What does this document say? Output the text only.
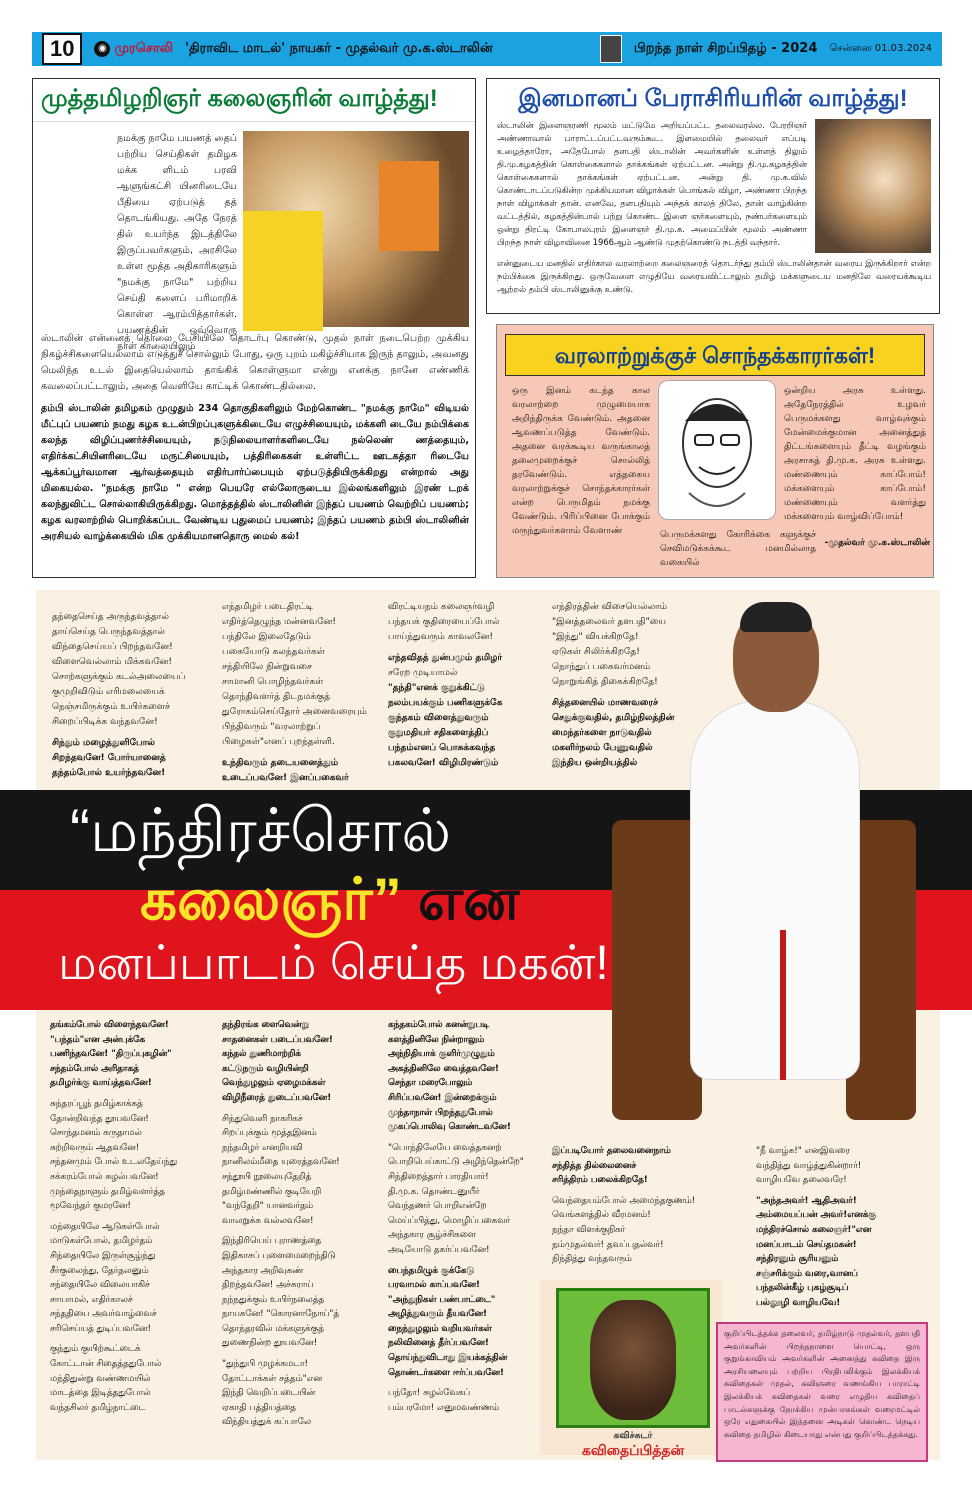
10	◉ முரசொலி 'திராவிட மாடல்' நாயகர் - முதல்வர் மு.க.ஸ்டாலின்	பிறந்த நாள் சிறப்பிதழ் - 2024 சென்னை 01.03.2024
முத்தமிழறிஞர் கலைஞரின் வாழ்த்து!
நமக்கு நாமே பயணத் தைப் பற்றிய செய்திகள் தமிழக மக்க ளிடம் பரவி ஆளுங்கட்சி யினரிடையே பீதியை ஏற்படுத் தத் தொடங்கியது. அதே நேரத் தில் உயர்ந்த இடத்திலே இருப்பவர்களும், அரசிலே உள்ள மூத்த அதிகாரிகளும் "நமக்கு நாமே" பற்றிய செய்தி களைப் பரிமாறிக் கொள்ள ஆரம்பித்தார்கள். பயணத்தின் ஒவ்வொரு நாள் காலையிலும்
ஸ்டாலின் என்னைத் தொலை பேசியிலே தொடர்பு கொண்டு, முதல் நாள் நடைபெற்ற முக்கிய நிகழ்ச்சிகளையெல்லாம் எடுத்துச் சொல்லும் போது, ஒரு புறம் மகிழ்ச்சியாக இருந் தாலும், அவனது மெலிந்த உடல் இதையெல்லாம் தாங்கிக் கொள்ளுமா என்று எனக்கு நானே எண்ணிக் கவலைப்பட்டாலும், அதை வெளியே காட்டிக் கொண்டதில்லை.
தம்பி ஸ்டாலின் தமிழகம் முழுதும் 234 தொகுதிகளிலும் மேற்கொண்ட "நமக்கு நாமே" விடியல் மீட்புப் பயணம் நமது கழக உடன்பிறப்புகளுக்கிடையே எழுச்சியையும், மக்களி டையே நம்பிக்கை கலந்த விழிப்புணர்ச்சியையும், நடுநிலையாளர்களிடையே நல்லெண் ணத்தையும், எதிர்க்கட்சியினரிடையே மருட்சியையும், பத்திரிகைகள் உள்ளிட்ட ஊடகத்தா ரிடையே ஆக்கப்பூர்வமான ஆர்வத்தையும் எதிர்பார்ப்பையும் ஏற்படுத்தியிருக்கிறது என்றால் அது மிகையல்ல. "நமக்கு நாமே " என்ற பெயரே எல்லோருடைய இல்லங்களிலும் இரண் டறக் கலந்துவிட்ட சொல்லாகியிருக்கிறது. மொத்தத்தில் ஸ்டாலினின் இந்தப் பயணம் வெற்றிப் பயணம்; கழக வரலாற்றில் பொறிக்கப்பட வேண்டிய புதுமைப் பயணம்; இந்தப் பயணம் தம்பி ஸ்டாலினின் அரசியல் வாழ்க்கையில் மிக முக்கியமானதொரு மைல் கல்!
இனமானப் பேராசிரியரின் வாழ்த்து!
ஸ்டாலின் இளைஞரணி மூலம் மட்டுமே அறியப்பட்ட தலைவரல்ல. பேரறிஞர் அண்ணாவால் பாராட்டப்பட்டவரும்கூட. இளமையில் தலைவர் எப்படி உழைத்தாரோ, அதேபோல் தளபதி ஸ்டாலின் அவர்களின் உள்ளத் திலும் தி.மு.கழகத்தின் கொள்கைகளால் தாக்கங்கள் ஏற்பட்டன. அன்று தி.மு.கழகத்தின் கொள்கைகளால் தாக்கங்கள் ஏற்பட்டன. அன்று தி. மு.க.வில் கொண்டாடப்படுகின்ற முக்கியமான விழாக்கள் பொங்கல் விழா, அண்ணா பிறந்த நாள் விழாக்கள் தான். எனவே, தளபதியும் அந்தக் காலத் திலே, தான் வாழ்கின்ற வட்டத்தில், கழகத்தின்பால் பற்று கொண்ட இளை ஞர்களையும், நண்பர்களையும் ஒன்று திரட்டி கோபாலபுரம் இளைஞர் தி.மு.க. அமைப்பின் மூலம் அண்ணா பிறந்த நாள் விழாவினை 1966ஆம் ஆண்டு முதற்கொண்டு நடத்தி வந்தார்.
என்னுடைய மனதில் எதிர்கால வரலாற்றை கலைஞரைத் தொடர்ந்து தம்பி ஸ்டாலின்தான் வரைய இருக்கிறார் என்ற நம்பிக்கை இருக்கிறது. ஒருவேளை எழுதியே வரையவிட்டாலும் தமிழ் மக்களுடைய மனதிலே வரையக்கூடிய ஆற்றல் தம்பி ஸ்டாலினுக்கு உண்டு.
வரலாற்றுக்குச் சொந்தக்காரர்கள்!
ஒரு இனம் கடந்த கால வரலாற்றை முழுமையாக அறிந்திருக்க வேண்டும். அதனை ஆவணப்படுத்த வேண்டும். அதனை வரக்கூடிய வருங்காலத் தலைமுறைக்குச் சொல்லித் தரவேண்டும். எத்தகைய வரலாற்றுக்குச் சொந்தக்காரர்கள் என்ற பெருமிதம் நமக்கு வேண்டும். பிரிப்பினை போக்கும் மருந்துவர்களாம் வேளாண்
ஒன்றிய அரசு உள்ளது. அதேநேரத்தில் உழவர் பெருமக்களது வாழ்வுக்கும் மேன்மைக்குமான அனைத்துத் திட்டங்களையும் தீட்டி வழங்கும் அரசாகத் தி.மு.க. அரசு உள்ளது. மண்ணையும் காப்போம்! மக்களையும் காப்போம்! மண்ணையும் வளர்த்து மக்களையும் வாழ்விப்போம்!
பெருமக்களது கோரிக்கை களுக்குச் செவிமடுக்கக்கூட மனமில்லாத வகையில்
-முதல்வர் மு.க.ஸ்டாலின்
தந்தைசெய்த அருந்தவத்தால்
தாய்செய்த பெருந்தவத்தால்
விந்தைசெய்யப் பிறந்தவனே!
விளைவெல்லாம் மிக்கவனே!
சொற்களுக்கும் கடல்அலையைப்
குமுறிவிடும் எரிமலையைக்
நெஞ்சமிருக்கும் உயிர்களைச்
சிறைப்பிடிக்க வந்தவனே!
சிந்தும் மழைத்துளிபோல்
சிறந்தவனே! போர்யானைத்
தந்தம்போல் உயர்ந்தவனே!
எந்தமிழர் படைதிரட்டி
எதிர்த்தெழுந்த மன்னவனே!
பந்திலே இலைதேடும்
பகையோடு கலந்தவர்கள்
சந்தியிலே நின்றுவசை
சாமானி பொழிந்தவர்கள்
தொந்திவளர்த் திடநமக்குத்
துரோகம்செய்தோர் அனைவரையும்
பிந்திவரும் "வரலாற்றுப்
பிழைகள்"எனப் புறந்தள்ளி.
உந்திவரும் தடையனைத்தும்
உடைப்பவனே! இனப்பகைவர்
விரட்டியநம் கலைஞர்வழி
பந்தயக் குதிரையைப்போல்
பாய்ந்துவரும் காவலனே!
எந்தவிதத் துன்பமும் தமிழர்
சரேற முடியாமல்
"தந்தி"எனக் குறுக்கிட்டு
நலம்பயக்கும் பணிகளுக்கே
குந்தகம் விளைத்துவரும்
குறுமதியர் சதிகளைத்திப்
பந்தம்எனப் பொசுக்கவந்த
பகலவனே! விழிமிரண்டும்
எந்திரத்தின் விசையெல்லாம்
"இனத்தலைவர் தளபதி"யை
"இந்து" வியக்கிறதே!
ஏடுகள் சிலிர்க்கிறதே!
நொந்துப் பகைவர்மனம்
நொறுங்கித் திகைக்கிறதே!
சித்தனையில் மாணவரைச்
செதுக்குவதில், தமிழ்நிலத்தின்
மைந்தர்களை நாடுவதில்
மகளிர்நலம் பேணுவதில்
இந்திய ஒன்றியத்தில்
“மந்திரச்சொல்
கலைஞர்” என
மனப்பாடம் செய்த மகன்!
தங்கம்போல் விளைந்தவனே!
"பந்தம்"என அன்புக்கே
பணிந்தவனே! "திருப்புகழின்"
சந்தம்போல் அரிதாகத்
தமிழர்க்கு வாய்த்தவனே!
சுந்தரப்பூந் தமிழ்காக்கத்
தோன்றிவந்த தூயவனே!
சொந்தமனம் கருதாமல்
சுற்றிவரும் ஆதவனே!
சந்தனமும் போல் உடலதேய்ந்து
சக்கரம்போல் சுழல்பவனே!
முந்தைநாளும் தமிழ்வளர்த்த
மூவேந்தர் குமரனே!
மந்தையிலே ஆடுகள்போல்
மாடுகள்போல், தமிழர்தம்
சிந்தையிலே இருள்சூழ்ந்து
சீர்குலைந்து, தேர்தலனும்
சந்தையிலே விலையாகிச்
சாயாமல், எதிர்காலச்
சந்ததியை அவர்வாழ்வைச்
சரிசெய்யத் துடிப்பவனே!
குந்தும் குயிற்கூட்டைக்
கோட்டான் சிதைத்ததுபோல்
மந்திதுன்று வண்ணமயில்
மாடத்தை இடித்ததுபோல்
வந்தசிலர் தமிழ்நாட்டை
தந்திரங்க ளைவென்று
சாதனைகள் படைப்பவனே!
கந்தல் துணிமாற்றிக்
கட்டுநரும் வழியின்றி
வெந்துழலும் ஏழைமக்கள்
விழிநீரைத் துடைப்பவனே!
சிந்துவெளி நாகரிகச்
சிறப்புக்கும் மூத்தஇனம்
நந்தமிழர் எனறியவி
நானிலம்மீதை யுரைத்தவனே!
சந்தூயி நூலையுதேறித்
தமிழ்மண்ணில் குடியேறி
"வந்தேறி" யானவர்தம்
வாலறுக்க வல்லவனே!
இந்திரியெய் புராணத்தை
இதிகாசப் புளைமைறைந்திடு
அந்தகார அறிவுகண்
திறந்தவனே! அச்சுராய்
நந்நதுக்கும் உயிர்நலைத்த
நாயகனே! "கொரனாநோய்"த்
தொந்தரவில் மக்களுக்குத்
துணைநின்ற தூயவனே!
"துந்துபி முழக்கமடா!
தோட்டாக்கள் சத்தம்"என
இந்தி வெறிப்படையின்
ஏகாதி பத்தியத்தை
விந்தியத்துக் கப்பாலே
கந்தகம்போல் கனன்றுபடி
களத்தினிலே நின்றாலும்
அந்நிதியாக் குளிர்முழுதும்
அகத்தினிலே வைத்தவனே!
செந்தா மரைபோலும்
சிரிப்பவனே! இன்றைக்கும்
முந்தாநாள் பிறந்ததுபோல்
முகப்பொலிவு கொண்டவனே!
"பொந்திலேயே வைத்தகனற்
பொறிபெய்காட்டு அழிந்தென்றே"
சிந்திறைத்தார் பாரதியார்!
தி.மு.க. தொண்டனுயீர்
வெந்தணர் பொறிஎன்றே
மெய்ப்பித்து, மொழிப்பகைவர்
அந்தகார சூழ்ச்சிகளை
அடியோடு தகர்ப்பவனே!
பைந்தமிழுக் குக்கேடு
பரவாமல் காப்பவனே!
"அந்துநிகள் பண்பாட்டை"
அழித்துவரும் தீயவனே!
நைந்துழலும் வறியவர்கள்
நலிவினைத் தீர்ப்பவனே!
தொய்ந்துவிடாது இயக்கத்தின்
தொண்டர்களை ஈர்ப்பவனே!
பந்தோ! சுழல்வேகப்
பம்பரமோ! எனுமவண்ணம்
இப்படியோர் தலைவனைநாம்
சந்தித்த தில்லைனைச்
சரித்திரம் பலைக்கிறதே!
வெந்தையம்போல் அமைந்தகுணம்!
வெங்களத்தில் வீரமனம்!
நந்தா விளக்குநிகர்
நம்முதல்வர்! தவப்புதல்வர்!
நிந்தித்து வந்தவரும்
"நீ வாழ்க!" எனஇவரை
வந்தித்து வாழ்த்துகின்றார்!
வாழியவே தலைவரே!
"அந்தஅவர்! ஆதிஅவர்!
அம்மையப்பன் அவர்!எனக்கு
மந்திரச்சொல் கலைஞர்!"என
மனப்பாடம் செய்தமகன்!
சந்திரனும் சூரியனும்
சஞ்சரிக்கும் வரை,வானப்
பந்தலின்கீழ் புகழ்சூடிப்
பல்லூழி வாழியவே!
கவிச்சுடர்
கவிதைப்பித்தன்
குறிப்பிடத்தக்க தலைவர், தமிழ்நாடு முதல்வர், தளபதி அவர்களின் பிறந்தநாளை யொட்டி, ஒரு குறுங்காவியம் அவர்களின் அனைத்து கவிதை இரு அரசியலையும் பற்றிய பிரதிபலிக்கும் இலக்கியக் கவிதைகள் முதல், கவிஞரை வணங்கிய பாராட்டி இலக்கியக் கவிதைகள் வரை எழுதிய கவிதைப் பாடல்களுக்கு நோக்கிய முன்பாகங்கள் வரைமட்டில் ஒரே எதுகையில் இத்தனை அடிகள் கொண்ட நெடிய கவிதை தமிழில் கிடையாது என்பது குறிப்பிடத்தக்கது.
